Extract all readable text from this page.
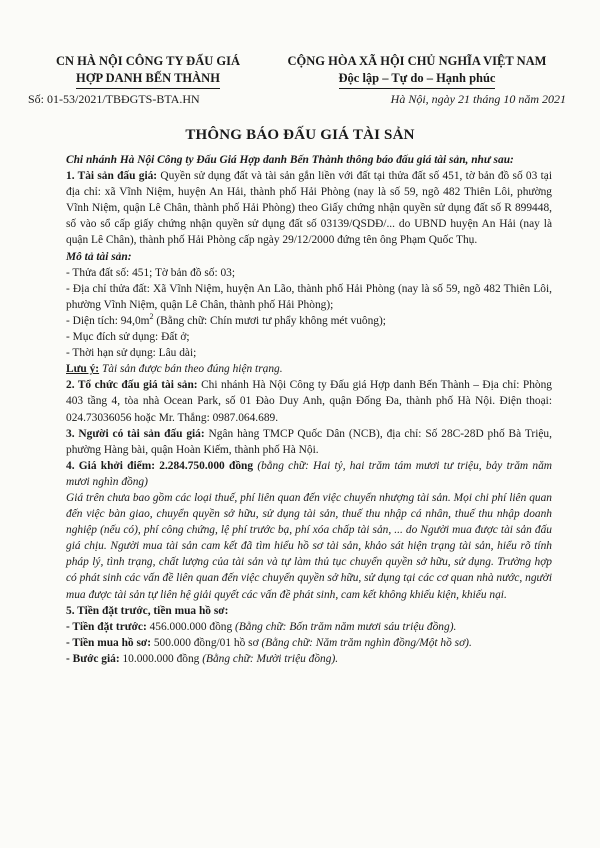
CN HÀ NỘI CÔNG TY ĐẤU GIÁ
HỢP DANH BẾN THÀNH
Số: 01-53/2021/TBĐGTS-BTA.HN
CỘNG HÒA XÃ HỘI CHỦ NGHĨA VIỆT NAM
Độc lập – Tự do – Hạnh phúc
Hà Nội, ngày 21 tháng 10 năm 2021
THÔNG BÁO ĐẤU GIÁ TÀI SẢN

Chi nhánh Hà Nội Công ty Đấu Giá Hợp danh Bến Thành thông báo đấu giá tài sản, như sau:

1. Tài sản đấu giá: Quyền sử dụng đất và tài sản gắn liền với đất tại thửa đất số 451, tờ bản đồ số 03 tại địa chỉ: xã Vĩnh Niệm, huyện An Hải, thành phố Hải Phòng (nay là số 59, ngõ 482 Thiên Lôi, phường Vĩnh Niệm, quận Lê Chân, thành phố Hải Phòng) theo Giấy chứng nhận quyền sử dụng đất số R 899448, số vào sổ cấp giấy chứng nhận quyền sử dụng đất số 03139/QSDĐ/... do UBND huyện An Hải (nay là quận Lê Chân), thành phố Hải Phòng cấp ngày 29/12/2000 đứng tên ông Phạm Quốc Thụ.

Mô tả tài sản:

- Thửa đất số: 451; Tờ bản đồ số: 03;

- Địa chỉ thửa đất: Xã Vĩnh Niệm, huyện An Lão, thành phố Hải Phòng (nay là số 59, ngõ 482 Thiên Lôi, phường Vĩnh Niệm, quận Lê Chân, thành phố Hải Phòng);

- Diện tích: $94,0m^2$ (Bằng chữ: Chín mươi tư phẩy không mét vuông);

- Mục đích sử dụng: Đất ở;

- Thời hạn sử dụng: Lâu dài;

Lưu ý: Tài sản được bán theo đúng hiện trạng.

2. Tổ chức đấu giá tài sản: Chi nhánh Hà Nội Công ty Đấu giá Hợp danh Bến Thành – Địa chỉ: Phòng 403 tầng 4, tòa nhà Ocean Park, số 01 Đào Duy Anh, quận Đống Đa, thành phố Hà Nội. Điện thoại: 024.73036056 hoặc Mr. Thắng: 0987.064.689.

3. Người có tài sản đấu giá: Ngân hàng TMCP Quốc Dân (NCB), địa chỉ: Số 28C-28D phố Bà Triệu, phường Hàng bài, quận Hoàn Kiếm, thành phố Hà Nội.

4. Giá khởi điểm: 2.284.750.000 đồng (bằng chữ: Hai tỷ, hai trăm tám mươi tư triệu, bảy trăm năm mươi nghìn đồng)

Giá trên chưa bao gồm các loại thuế, phí liên quan đến việc chuyển nhượng tài sản. Mọi chi phí liên quan đến việc bàn giao, chuyển quyền sở hữu, sử dụng tài sản, thuế thu nhập cá nhân, thuế thu nhập doanh nghiệp (nếu có), phí công chứng, lệ phí trước bạ, phí xóa chấp tài sản, ... do Người mua được tài sản đấu giá chịu. Người mua tài sản cam kết đã tìm hiểu hồ sơ tài sản, khảo sát hiện trạng tài sản, hiểu rõ tính pháp lý, tình trạng, chất lượng của tài sản và tự làm thủ tục chuyển quyền sở hữu, sử dụng. Trường hợp có phát sinh các vấn đề liên quan đến việc chuyển quyền sở hữu, sử dụng tại các cơ quan nhà nước, người mua được tài sản tự liên hệ giải quyết các vấn đề phát sinh, cam kết không khiếu kiện, khiếu nại.

5. Tiền đặt trước, tiền mua hồ sơ:

- Tiền đặt trước: 456.000.000 đồng (Bằng chữ: Bốn trăm năm mươi sáu triệu đồng).

- Tiền mua hồ sơ: 500.000 đồng/01 hồ sơ (Bằng chữ: Năm trăm nghìn đồng/Một hồ sơ).

- Bước giá: 10.000.000 đồng (Bằng chữ: Mười triệu đồng).
